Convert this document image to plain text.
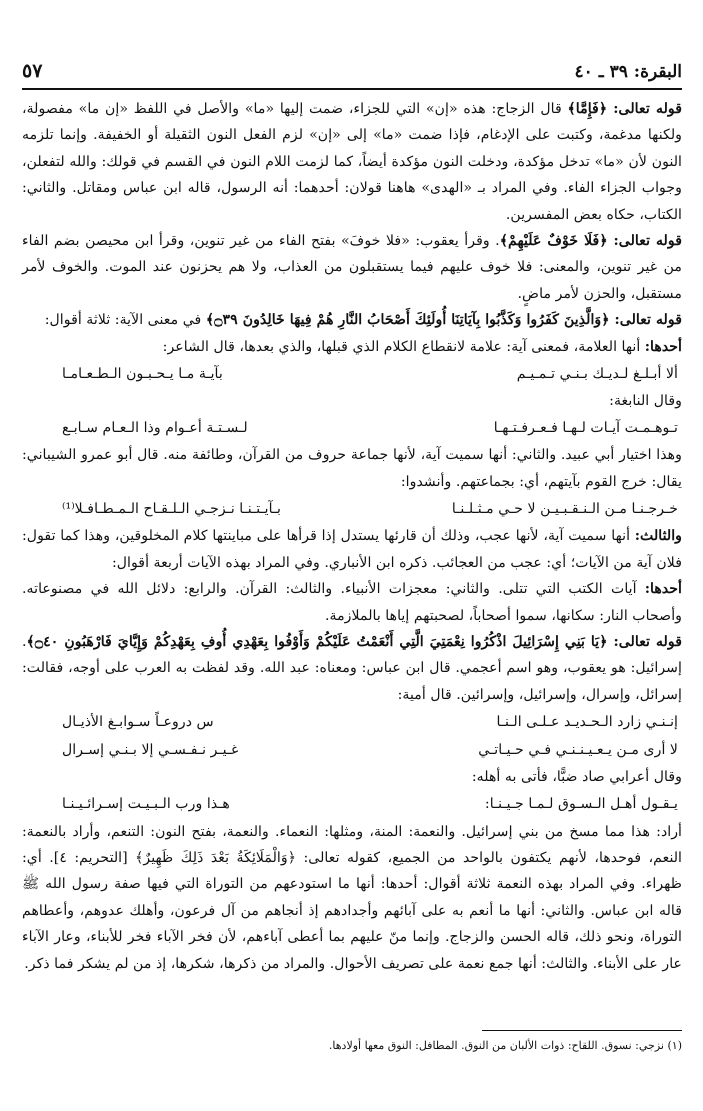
البقرة: ٣٩ ـ ٤٠
٥٧

قوله تعالى: ﴿فَإِمَّا﴾ قال الزجاج: هذه «إن» التي للجزاء، ضمت إليها «ما» والأصل في اللفظ «إن ما» مفصولة، ولكنها مدغمة، وكتبت على الإدغام، فإذا ضمت «ما» إلى «إن» لزم الفعل النون الثقيلة أو الخفيفة. وإنما تلزمه النون لأن «ما» تدخل مؤكدة، ودخلت النون مؤكدة أيضاً، كما لزمت اللام النون في القسم في قولك: والله لتفعلن، وجواب الجزاء الفاء. وفي المراد بـ «الهدى» هاهنا قولان: أحدهما: أنه الرسول، قاله ابن عباس ومقاتل. والثاني: الكتاب، حكاه بعض المفسرين.

قوله تعالى: ﴿فَلَا خَوْفٌ عَلَيْهِمْ﴾. وقرأ يعقوب: «فلا خوفَ» بفتح الفاء من غير تنوين، وقرأ ابن محيصن بضم الفاء من غير تنوين، والمعنى: فلا خوف عليهم فيما يستقبلون من العذاب، ولا هم يحزنون عند الموت. والخوف لأمر مستقبل، والحزن لأمر ماضٍ.

قوله تعالى: ﴿وَالَّذِينَ كَفَرُوا وَكَذَّبُوا بِآيَاتِنَا أُولَئِكَ أَصْحَابُ النَّارِ هُمْ فِيهَا خَالِدُونَ ۝٣٩﴾ في معنى الآية: ثلاثة أقوال:

أحدها: أنها العلامة، فمعنى آية: علامة لانقطاع الكلام الذي قبلها، والذي بعدها، قال الشاعر:

ألا أبـلـغ لـديـك بـنـي تـمـيـم
بآيـة مـا يـحـبـون الـطـعـامـا

وقال النابغة:

تـوهـمـت آيـات لـهـا فـعـرفـتـهـا
لـسـتـة أعـوام وذا الـعـام سـابـع

وهذا اختيار أبي عبيد. والثاني: أنها سميت آية، لأنها جماعة حروف من القرآن، وطائفة منه. قال أبو عمرو الشيباني: يقال: خرج القوم بآيتهم، أي: بجماعتهم. وأنشدوا:

خـرجـنـا مـن الـنـقـبـيـن لا حـي مـثـلـنـا
بـآيـتـنـا نـزجـي الـلـقـاح الـمـطـافـلا⁽¹⁾

والثالث: أنها سميت آية، لأنها عجب، وذلك أن قارئها يستدل إذا قرأها على مباينتها كلام المخلوقين، وهذا كما تقول: فلان آية من الآيات؛ أي: عجب من العجائب. ذكره ابن الأنباري. وفي المراد بهذه الآيات أربعة أقوال:

أحدها: آيات الكتب التي تتلى. والثاني: معجزات الأنبياء. والثالث: القرآن. والرابع: دلائل الله في مصنوعاته. وأصحاب النار: سكانها، سموا أصحاباً، لصحبتهم إياها بالملازمة.

قوله تعالى: ﴿يَا بَنِي إِسْرَائِيلَ اذْكُرُوا نِعْمَتِيَ الَّتِي أَنْعَمْتُ عَلَيْكُمْ وَأَوْفُوا بِعَهْدِي أُوفِ بِعَهْدِكُمْ وَإِيَّايَ فَارْهَبُونِ ۝٤٠﴾. إسرائيل: هو يعقوب، وهو اسم أعجمي. قال ابن عباس: ومعناه: عبد الله. وقد لفظت به العرب على أوجه، فقالت: إسرائل، وإسرال، وإسرائيل، وإسرائين. قال أمية:

إنـنـي زارد الـحـديـد عـلـى الـنـا
س دروعـاً سـوابـغ الأذيـال
لا أرى مـن يـعـيـنـنـي فـي حـيـاتـي
غـيـر نـفـسـي إلا بـنـي إسـرال

وقال أعرابي صاد ضبًّا، فأتى به أهله:

يـقـول أهـل الـسـوق لـمـا جـيـنـا:
هـذا ورب الـبـيـت إسـرائـيـنـا

أراد: هذا مما مسخ من بني إسرائيل. والنعمة: المنة، ومثلها: النعماء. والنعمة، بفتح النون: التنعم، وأراد بالنعمة: النعم، فوحدها، لأنهم يكتفون بالواحد من الجميع، كقوله تعالى: ﴿وَالْمَلَائِكَةُ بَعْدَ ذَلِكَ ظَهِيرٌ﴾ [التحريم: ٤]. أي: ظهراء. وفي المراد بهذه النعمة ثلاثة أقوال: أحدها: أنها ما استودعهم من التوراة التي فيها صفة رسول الله ﷺ قاله ابن عباس. والثاني: أنها ما أنعم به على آبائهم وأجدادهم إذ أنجاهم من آل فرعون، وأهلك عدوهم، وأعطاهم التوراة، ونحو ذلك، قاله الحسن والزجاج. وإنما منّ عليهم بما أعطى آباءهم، لأن فخر الآباء فخر للأبناء، وعار الآباء عار على الأبناء. والثالث: أنها جمع نعمة على تصريف الأحوال. والمراد من ذكرها، شكرها، إذ من لم يشكر فما ذكر.

(١) نزجي: نسوق. اللقاح: ذوات الألبان من النوق. المطافل: النوق معها أولادها.
